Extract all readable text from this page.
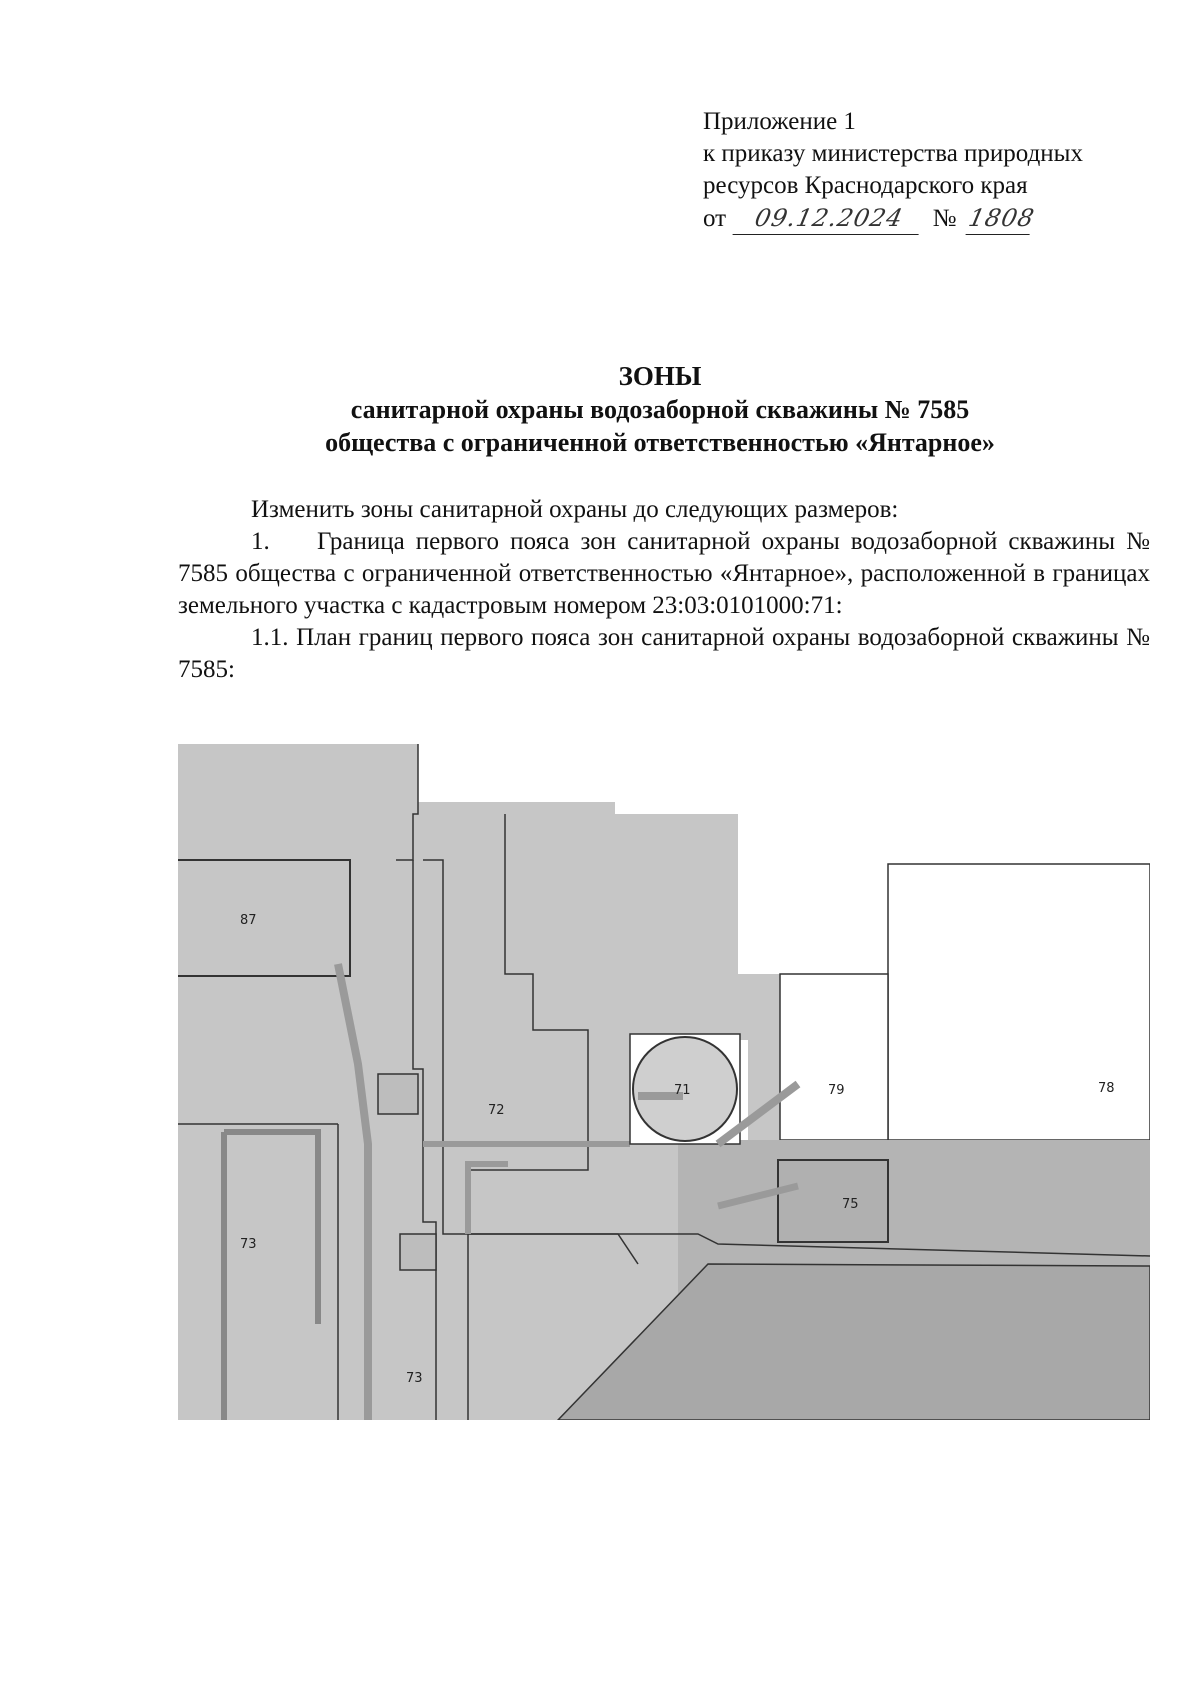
Приложение 1
к приказу министерства природных
ресурсов Краснодарского края
от 09.12.2024 № 1808
ЗОНЫ
санитарной охраны водозаборной скважины № 7585
общества с ограниченной ответственностью «Янтарное»

Изменить зоны санитарной охраны до следующих размеров:

1. Граница первого пояса зон санитарной охраны водозаборной скважины № 7585 общества с ограниченной ответственностью «Янтарное», расположенной в границах земельного участка с кадастровым номером 23:03:0101000:71:

1.1. План границ первого пояса зон санитарной охраны водозаборной скважины № 7585:

87
72
71	79	78
75
73
73
